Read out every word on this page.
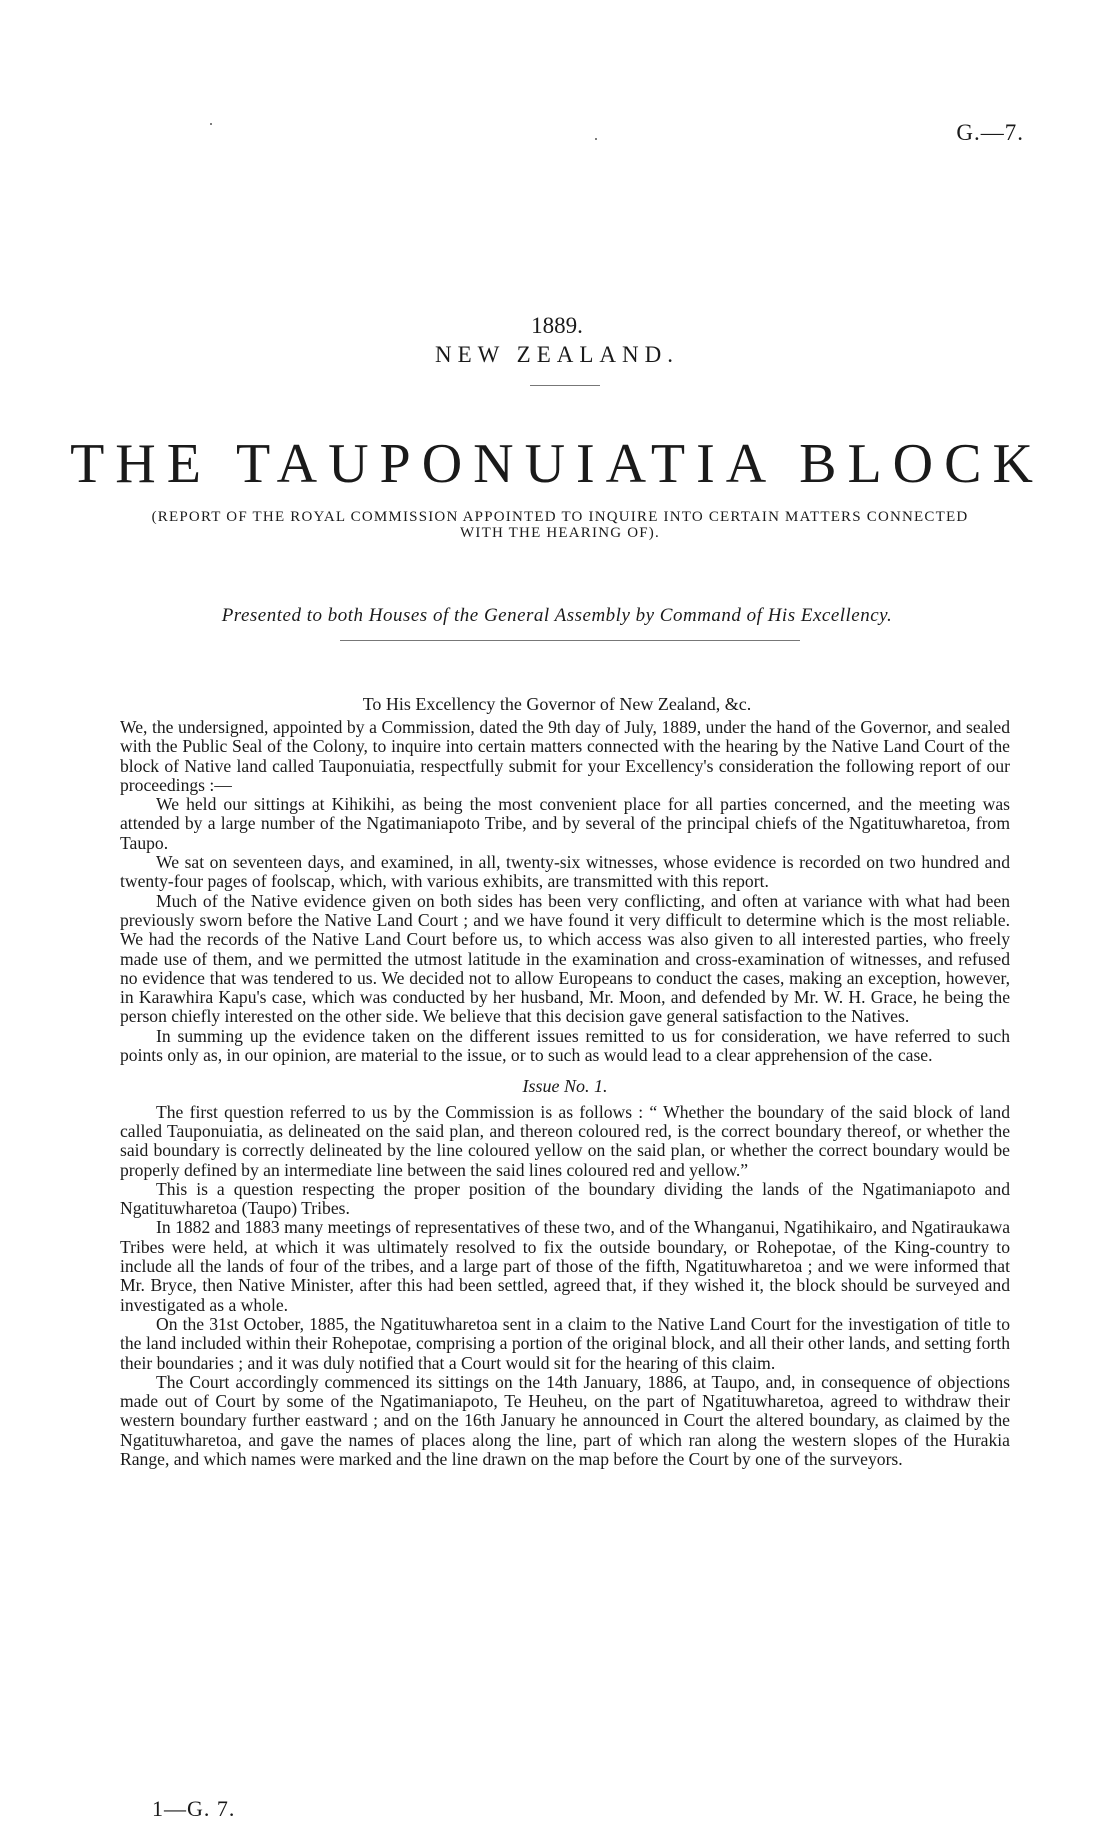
G.—7.
1889.
NEW ZEALAND.
THE TAUPONUIATIA BLOCK
(REPORT OF THE ROYAL COMMISSION APPOINTED TO INQUIRE INTO CERTAIN MATTERS CONNECTED WITH THE HEARING OF).
Presented to both Houses of the General Assembly by Command of His Excellency.
To His Excellency the Governor of New Zealand, &c.

We, the undersigned, appointed by a Commission, dated the 9th day of July, 1889, under the hand of the Governor, and sealed with the Public Seal of the Colony, to inquire into certain matters connected with the hearing by the Native Land Court of the block of Native land called Tauponuiatia, respectfully submit for your Excellency's consideration the following report of our proceedings :—

We held our sittings at Kihikihi, as being the most convenient place for all parties concerned, and the meeting was attended by a large number of the Ngatimaniapoto Tribe, and by several of the principal chiefs of the Ngatituwharetoa, from Taupo.

We sat on seventeen days, and examined, in all, twenty-six witnesses, whose evidence is recorded on two hundred and twenty-four pages of foolscap, which, with various exhibits, are transmitted with this report.

Much of the Native evidence given on both sides has been very conflicting, and often at variance with what had been previously sworn before the Native Land Court ; and we have found it very difficult to determine which is the most reliable. We had the records of the Native Land Court before us, to which access was also given to all interested parties, who freely made use of them, and we permitted the utmost latitude in the examination and cross-examination of witnesses, and refused no evidence that was tendered to us. We decided not to allow Europeans to conduct the cases, making an exception, however, in Karawhira Kapu's case, which was conducted by her husband, Mr. Moon, and defended by Mr. W. H. Grace, he being the person chiefly interested on the other side. We believe that this decision gave general satisfaction to the Natives.

In summing up the evidence taken on the different issues remitted to us for consideration, we have referred to such points only as, in our opinion, are material to the issue, or to such as would lead to a clear apprehension of the case.

Issue No. 1.

The first question referred to us by the Commission is as follows : “ Whether the boundary of the said block of land called Tauponuiatia, as delineated on the said plan, and thereon coloured red, is the correct boundary thereof, or whether the said boundary is correctly delineated by the line coloured yellow on the said plan, or whether the correct boundary would be properly defined by an intermediate line between the said lines coloured red and yellow.”

This is a question respecting the proper position of the boundary dividing the lands of the Ngatimaniapoto and Ngatituwharetoa (Taupo) Tribes.

In 1882 and 1883 many meetings of representatives of these two, and of the Whanganui, Ngatihikairo, and Ngatiraukawa Tribes were held, at which it was ultimately resolved to fix the outside boundary, or Rohepotae, of the King-country to include all the lands of four of the tribes, and a large part of those of the fifth, Ngatituwharetoa ; and we were informed that Mr. Bryce, then Native Minister, after this had been settled, agreed that, if they wished it, the block should be surveyed and investigated as a whole.

On the 31st October, 1885, the Ngatituwharetoa sent in a claim to the Native Land Court for the investigation of title to the land included within their Rohepotae, comprising a portion of the original block, and all their other lands, and setting forth their boundaries ; and it was duly notified that a Court would sit for the hearing of this claim.

The Court accordingly commenced its sittings on the 14th January, 1886, at Taupo, and, in consequence of objections made out of Court by some of the Ngatimaniapoto, Te Heuheu, on the part of Ngatituwharetoa, agreed to withdraw their western boundary further eastward ; and on the 16th January he announced in Court the altered boundary, as claimed by the Ngatituwharetoa, and gave the names of places along the line, part of which ran along the western slopes of the Hurakia Range, and which names were marked and the line drawn on the map before the Court by one of the surveyors.

1—G. 7.
